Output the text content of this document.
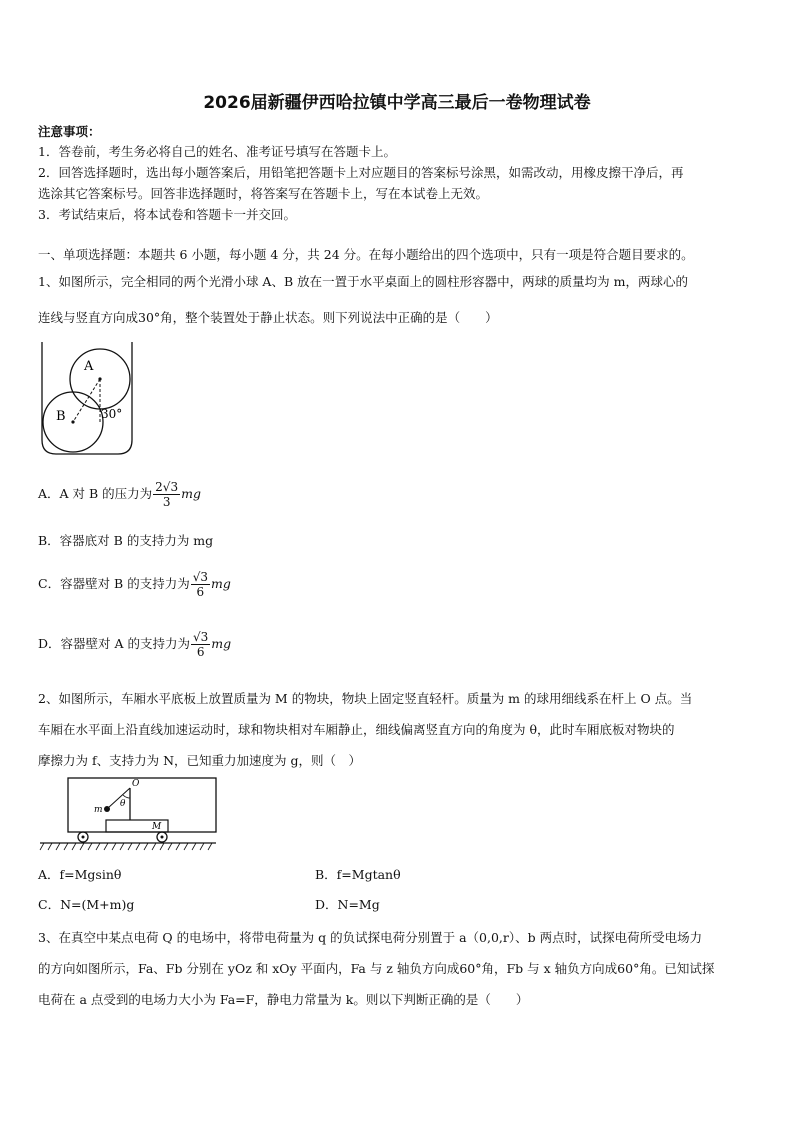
2026届新疆伊西哈拉镇中学高三最后一卷物理试卷
注意事项：
1．答卷前，考生务必将自己的姓名、准考证号填写在答题卡上。
2．回答选择题时，选出每小题答案后，用铅笔把答题卡上对应题目的答案标号涂黑，如需改动，用橡皮擦干净后，再
选涂其它答案标号。回答非选择题时，将答案写在答题卡上，写在本试卷上无效。
3．考试结束后，将本试卷和答题卡一并交回。
一、单项选择题：本题共 6 小题，每小题 4 分，共 24 分。在每小题给出的四个选项中，只有一项是符合题目要求的。
1、如图所示，完全相同的两个光滑小球 A、B 放在一置于水平桌面上的圆柱形容器中，两球的质量均为 m，两球心的
连线与竖直方向成30°角，整个装置处于静止状态。则下列说法中正确的是（　　）
A
B	30°
A．A 对 B 的压力为 $\frac{2√3}{3}$ mg
B．容器底对 B 的支持力为 mg
C．容器壁对 B 的支持力为 $\frac{√3}{6}$ mg
D．容器壁对 A 的支持力为 $\frac{√3}{6}$ mg
2、如图所示，车厢水平底板上放置质量为 M 的物块，物块上固定竖直轻杆。质量为 m 的球用细线系在杆上 O 点。当
车厢在水平面上沿直线加速运动时，球和物块相对车厢静止，细线偏离竖直方向的角度为 θ，此时车厢底板对物块的
摩擦力为 f、支持力为 N，已知重力加速度为 g，则（　）
O
θ
m
M
A．f=Mgsinθ	B．f=Mgtanθ
C．N=(M+m)g	D．N=Mg
3、在真空中某点电荷 Q 的电场中，将带电荷量为 q 的负试探电荷分别置于 a（0,0,r）、b 两点时，试探电荷所受电场力
的方向如图所示，Fa、Fb 分别在 yOz 和 xOy 平面内，Fa 与 z 轴负方向成60°角，Fb 与 x 轴负方向成60°角。已知试探
电荷在 a 点受到的电场力大小为 Fa=F，静电力常量为 k。则以下判断正确的是（　　）
